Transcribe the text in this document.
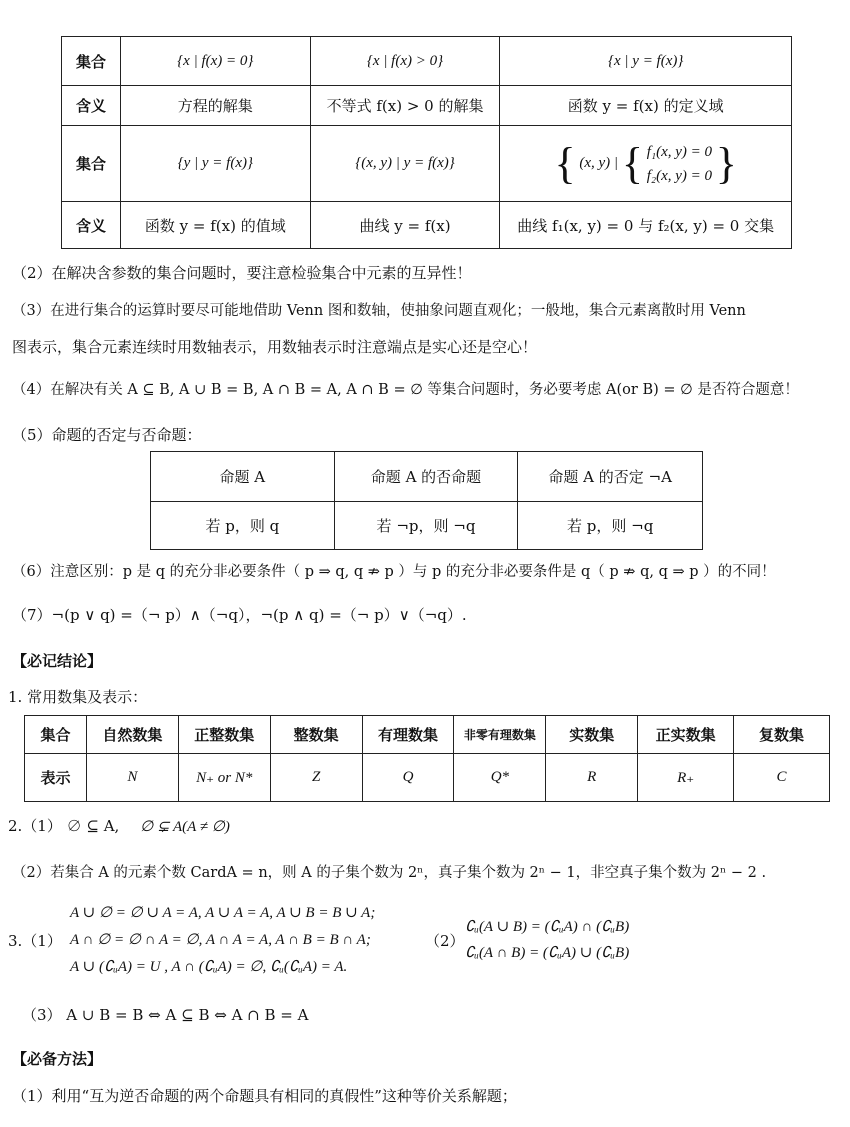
集合	{x | f(x) = 0}	{x | f(x) > 0}	{x | y = f(x)}
含义	方程的解集	不等式 f(x) > 0 的解集	函数 y = f(x) 的定义域
集合	{y | y = f(x)}	{(x, y) | y = f(x)}	{ (x, y) | { f₁(x, y) = 0
f₂(x, y) = 0 }
含义	函数 y = f(x) 的值域	曲线 y = f(x)	曲线 f₁(x, y) = 0 与 f₂(x, y) = 0 交集
（2）在解决含参数的集合问题时，要注意检验集合中元素的互异性！
（3）在进行集合的运算时要尽可能地借助 Venn 图和数轴，使抽象问题直观化；一般地，集合元素离散时用 Venn
图表示，集合元素连续时用数轴表示，用数轴表示时注意端点是实心还是空心！
（4）在解决有关 A ⊆ B, A ∪ B = B, A ∩ B = A, A ∩ B = ∅ 等集合问题时，务必要考虑 A(or B) = ∅ 是否符合题意！
（5）命题的否定与否命题：
命题 A	命题 A 的否命题	命题 A 的否定 ¬A
若 p，则 q	若 ¬p，则 ¬q	若 p，则 ¬q
（6）注意区别：p 是 q 的充分非必要条件（ p ⇒ q, q ⇏ p ）与 p 的充分非必要条件是 q（ p ⇏ q, q ⇒ p ）的不同！
（7）¬(p ∨ q) =（¬ p）∧（¬q），¬(p ∧ q) =（¬ p）∨（¬q）.
【必记结论】
1. 常用数集及表示：
集合	自然数集	正整数集	整数集	有理数集	非零有理数集	实数集	正实数集	复数集
表示	N	N₊ or N*	Z	Q	Q*	R	R₊	C
2.（1） ∅ ⊆ A, ∅ ⊊ A(A ≠ ∅)
（2）若集合 A 的元素个数 CardA = n，则 A 的子集个数为 2ⁿ，真子集个数为 2ⁿ − 1，非空真子集个数为 2ⁿ − 2 .
3.（1）
A ∪ ∅ = ∅ ∪ A = A, A ∪ A = A, A ∪ B = B ∪ A;
A ∩ ∅ = ∅ ∩ A = ∅, A ∩ A = A, A ∩ B = B ∩ A;
A ∪ (∁ᵤA) = U , A ∩ (∁ᵤA) = ∅, ∁ᵤ(∁ᵤA) = A.
（2）
∁ᵤ(A ∪ B) = (∁ᵤA) ∩ (∁ᵤB)
∁ᵤ(A ∩ B) = (∁ᵤA) ∪ (∁ᵤB)
（3） A ∪ B = B ⇔ A ⊆ B ⇔ A ∩ B = A
【必备方法】
（1）利用“互为逆否命题的两个命题具有相同的真假性”这种等价关系解题；
